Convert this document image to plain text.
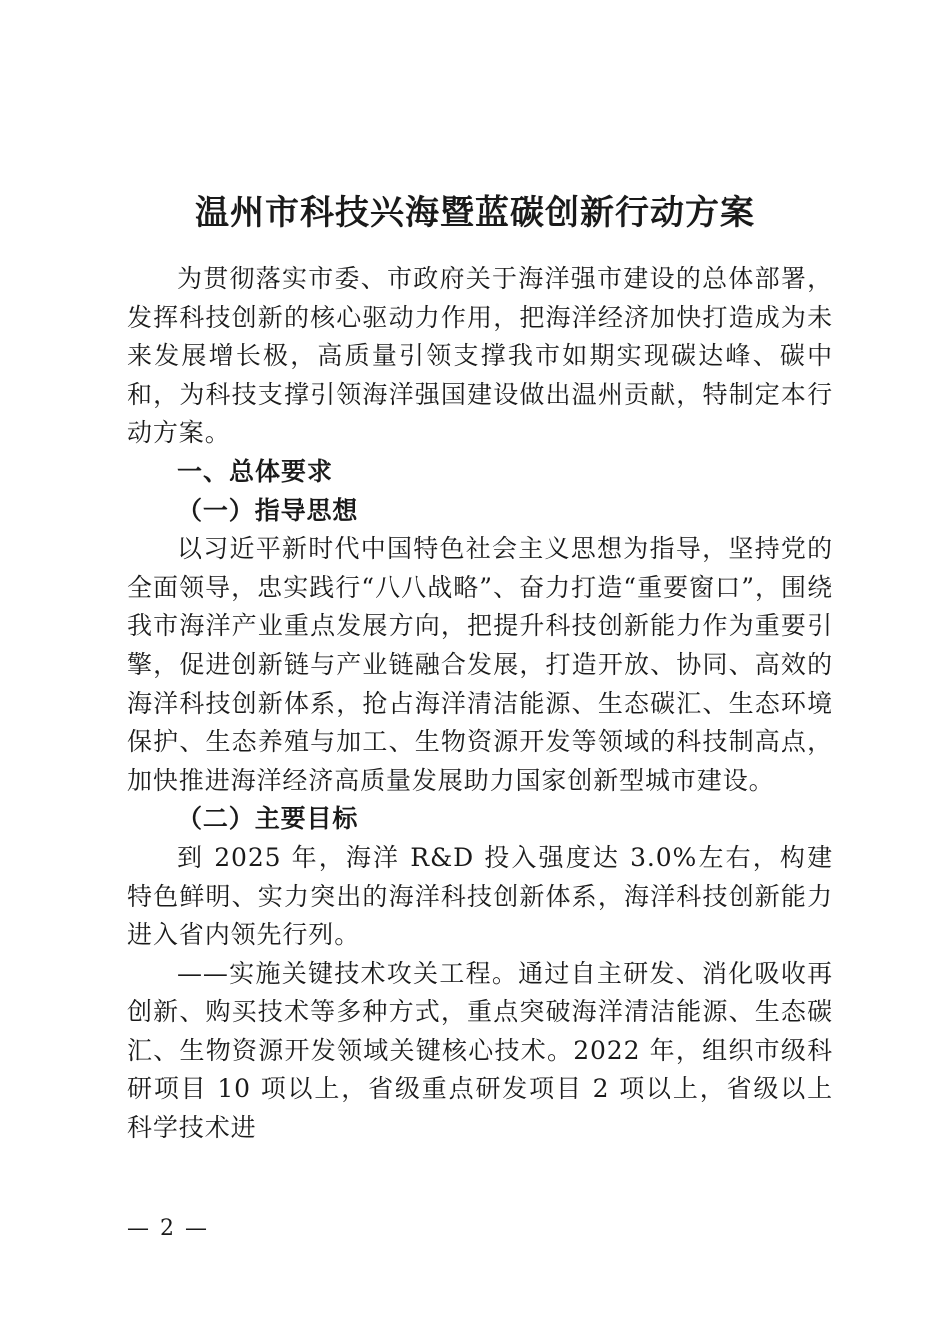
温州市科技兴海暨蓝碳创新行动方案

为贯彻落实市委、市政府关于海洋强市建设的总体部署，发挥科技创新的核心驱动力作用，把海洋经济加快打造成为未来发展增长极，高质量引领支撑我市如期实现碳达峰、碳中和，为科技支撑引领海洋强国建设做出温州贡献，特制定本行动方案。

一、总体要求

（一）指导思想

以习近平新时代中国特色社会主义思想为指导，坚持党的全面领导，忠实践行“八八战略”、奋力打造“重要窗口”，围绕我市海洋产业重点发展方向，把提升科技创新能力作为重要引擎，促进创新链与产业链融合发展，打造开放、协同、高效的海洋科技创新体系，抢占海洋清洁能源、生态碳汇、生态环境保护、生态养殖与加工、生物资源开发等领域的科技制高点，加快推进海洋经济高质量发展助力国家创新型城市建设。

（二）主要目标

到 2025 年，海洋 R&D 投入强度达 3.0%左右，构建特色鲜明、实力突出的海洋科技创新体系，海洋科技创新能力进入省内领先行列。

——实施关键技术攻关工程。通过自主研发、消化吸收再创新、购买技术等多种方式，重点突破海洋清洁能源、生态碳汇、生物资源开发领域关键核心技术。2022 年，组织市级科研项目 10 项以上，省级重点研发项目 2 项以上，省级以上科学技术进

— 2 —
